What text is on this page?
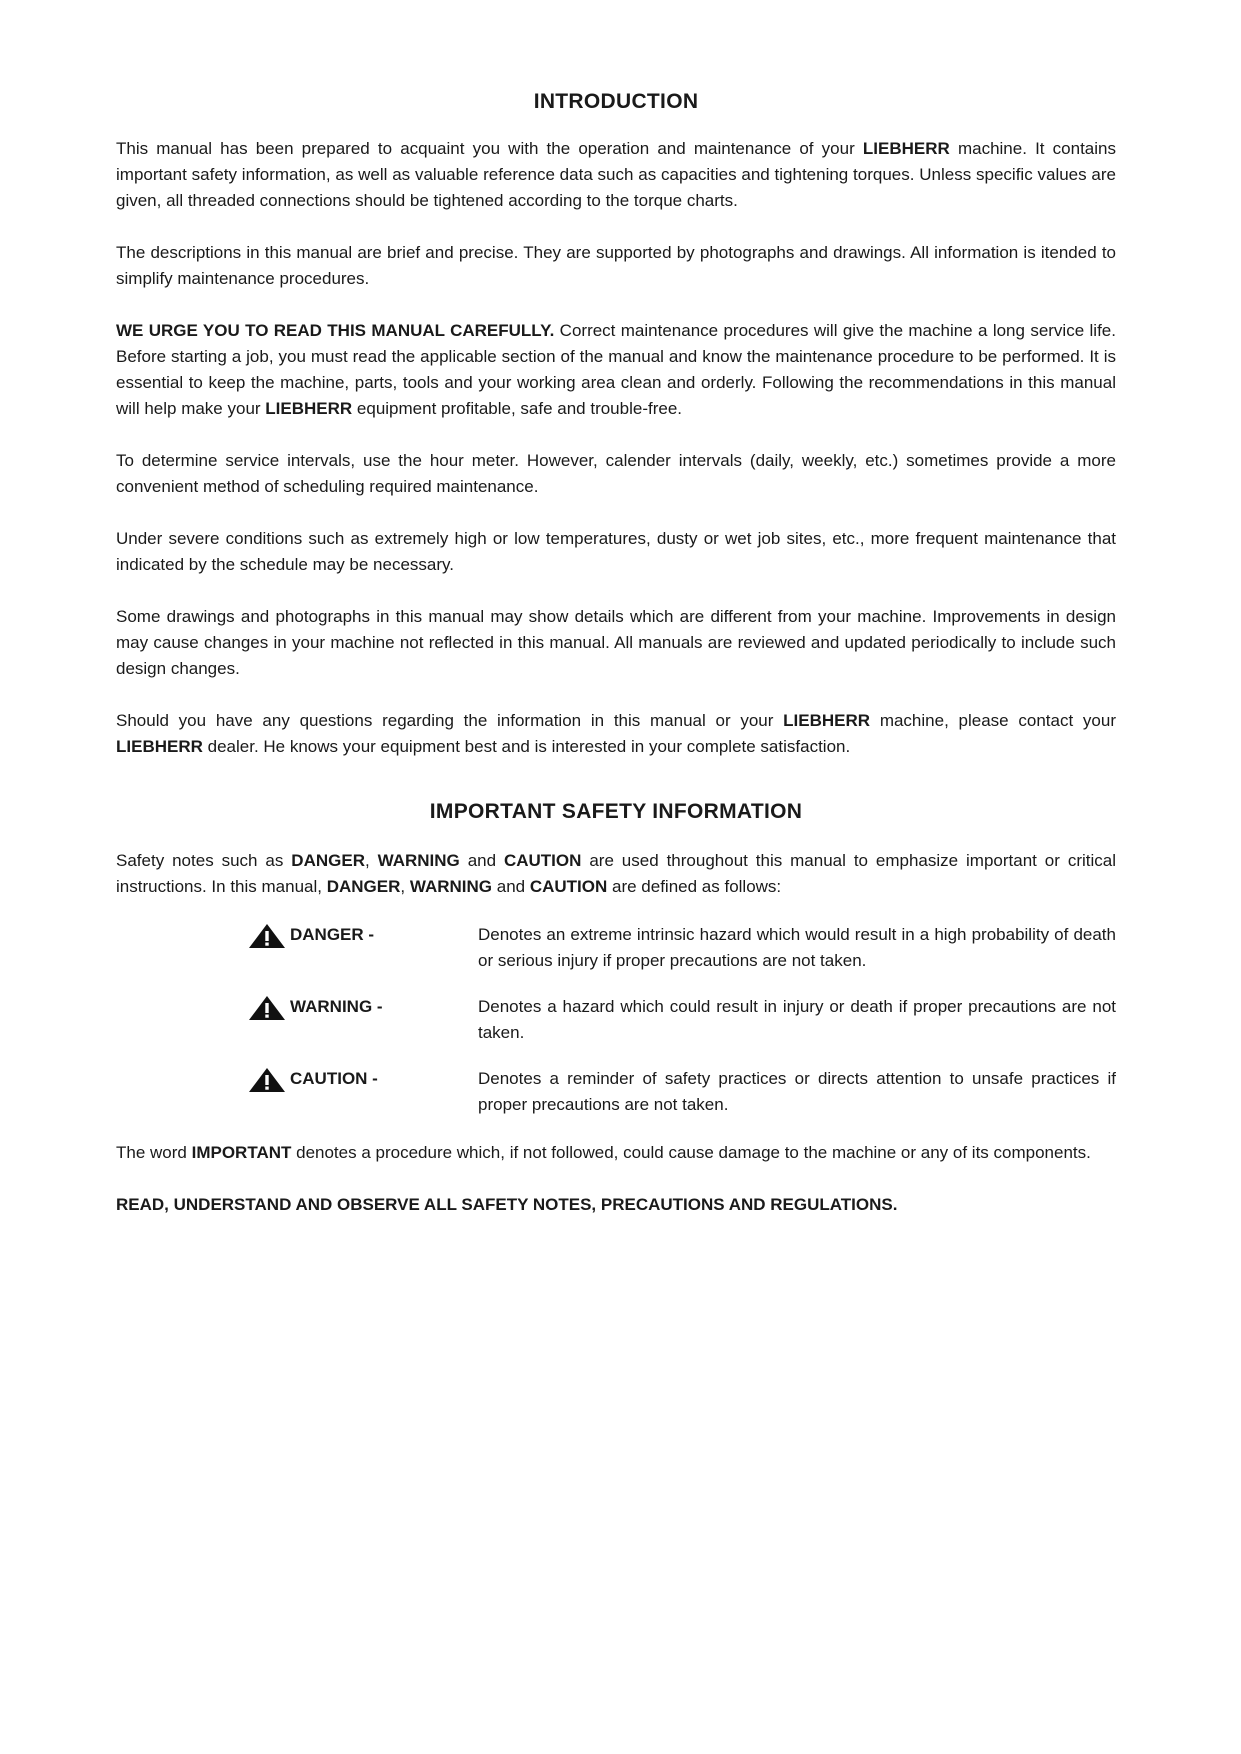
INTRODUCTION

This manual has been prepared to acquaint you with the operation and maintenance of your LIEBHERR machine. It contains important safety information, as well as valuable reference data such as capacities and tightening torques. Unless specific values are given, all threaded connections should be tightened according to the torque charts.

The descriptions in this manual are brief and precise. They are supported by photographs and drawings. All information is itended to simplify maintenance procedures.

WE URGE YOU TO READ THIS MANUAL CAREFULLY. Correct maintenance procedures will give the machine a long service life. Before starting a job, you must read the applicable section of the manual and know the maintenance procedure to be performed. It is essential to keep the machine, parts, tools and your working area clean and orderly. Following the recommendations in this manual will help make your LIEBHERR equipment profitable, safe and trouble-free.

To determine service intervals, use the hour meter. However, calender intervals (daily, weekly, etc.) sometimes provide a more convenient method of scheduling required maintenance.

Under severe conditions such as extremely high or low temperatures, dusty or wet job sites, etc., more frequent maintenance that indicated by the schedule may be necessary.

Some drawings and photographs in this manual may show details which are different from your machine. Improvements in design may cause changes in your machine not reflected in this manual. All manuals are reviewed and updated periodically to include such design changes.

Should you have any questions regarding the information in this manual or your LIEBHERR machine, please contact your LIEBHERR dealer. He knows your equipment best and is interested in your complete satisfaction.

IMPORTANT SAFETY INFORMATION

Safety notes such as DANGER, WARNING and CAUTION are used throughout this manual to emphasize important or critical instructions. In this manual, DANGER, WARNING and CAUTION are defined as follows:

DANGER -	Denotes an extreme intrinsic hazard which would result in a high probability of death or serious injury if proper precautions are not taken.
WARNING -	Denotes a hazard which could result in injury or death if proper precautions are not taken.
CAUTION -	Denotes a reminder of safety practices or directs attention to unsafe practices if proper precautions are not taken.

The word IMPORTANT denotes a procedure which, if not followed, could cause damage to the machine or any of its components.

READ, UNDERSTAND AND OBSERVE ALL SAFETY NOTES, PRECAUTIONS AND REGULATIONS.
